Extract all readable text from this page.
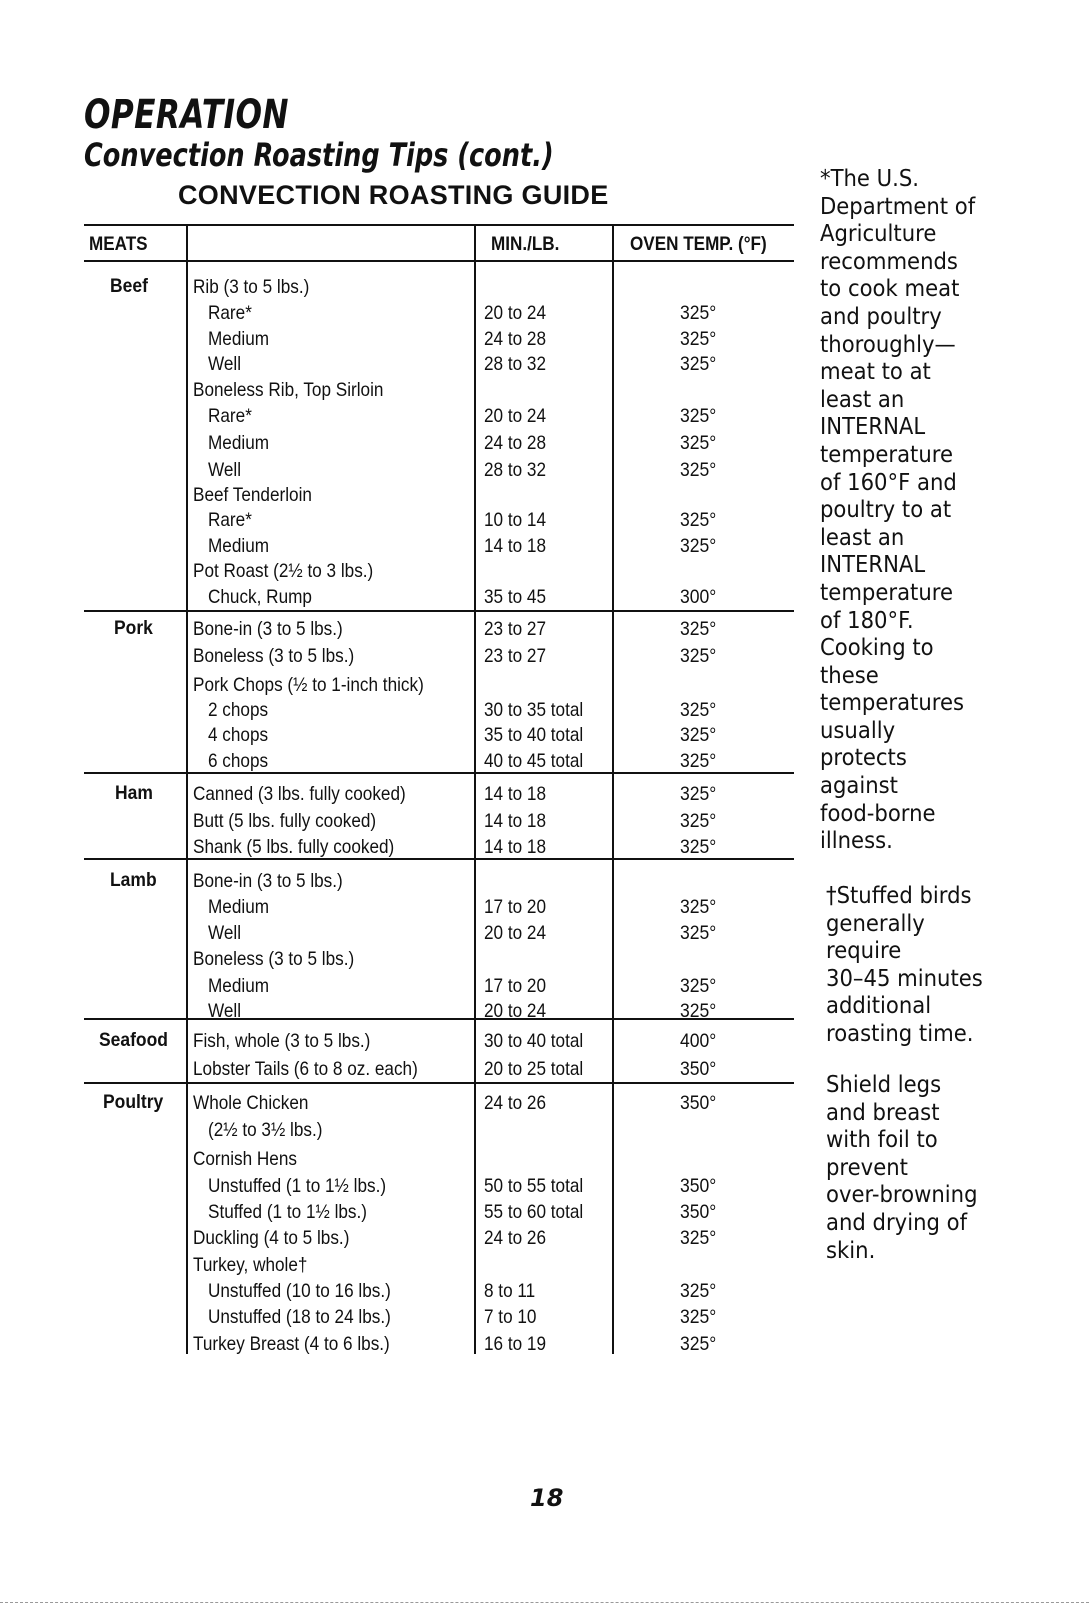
OPERATION
Convection Roasting Tips (cont.)
CONVECTION ROASTING GUIDE
MEATS	MIN./LB.	OVEN TEMP. (°F)
Beef Rib (3 to 5 lbs.)
Rare*	20 to 24	325°
Medium	24 to 28	325°
Well	28 to 32	325°
Boneless Rib, Top Sirloin
Rare*	20 to 24	325°
Medium	24 to 28	325°
Well	28 to 32	325°
Beef Tenderloin
Rare*	10 to 14	325°
Medium	14 to 18	325°
Pot Roast (2½ to 3 lbs.)
Chuck, Rump	35 to 45	300°
Pork Bone-in (3 to 5 lbs.)	23 to 27	325°
Boneless (3 to 5 lbs.)	23 to 27	325°
Pork Chops (½ to 1-inch thick)
2 chops	30 to 35 total	325°
4 chops	35 to 40 total	325°
6 chops	40 to 45 total	325°
Ham Canned (3 lbs. fully cooked)	14 to 18	325°
Butt (5 lbs. fully cooked)	14 to 18	325°
Shank (5 lbs. fully cooked)	14 to 18	325°
Lamb Bone-in (3 to 5 lbs.)
Medium	17 to 20	325°
Well	20 to 24	325°
Boneless (3 to 5 lbs.)
Medium	17 to 20	325°
Well	20 to 24	325°
Seafood Fish, whole (3 to 5 lbs.)	30 to 40 total	400°
Lobster Tails (6 to 8 oz. each)	20 to 25 total	350°
Poultry Whole Chicken	24 to 26	350°
(2½ to 3½ lbs.)
Cornish Hens
Unstuffed (1 to 1½ lbs.)	50 to 55 total	350°
Stuffed (1 to 1½ lbs.)	55 to 60 total	350°
Duckling (4 to 5 lbs.)	24 to 26	325°
Turkey, whole†
Unstuffed (10 to 16 lbs.)	8 to 11	325°
Unstuffed (18 to 24 lbs.)	7 to 10	325°
Turkey Breast (4 to 6 lbs.)	16 to 19	325°
*The U.S.
Department of
Agriculture
recommends
to cook meat
and poultry
thoroughly—
meat to at
least an
INTERNAL
temperature
of 160°F and
poultry to at
least an
INTERNAL
temperature
of 180°F.
Cooking to
these
temperatures
usually
protects
against
food-borne
illness.
†Stuffed birds
generally
require
30–45 minutes
additional
roasting time.
Shield legs
and breast
with foil to
prevent
over-browning
and drying of
skin.
18
